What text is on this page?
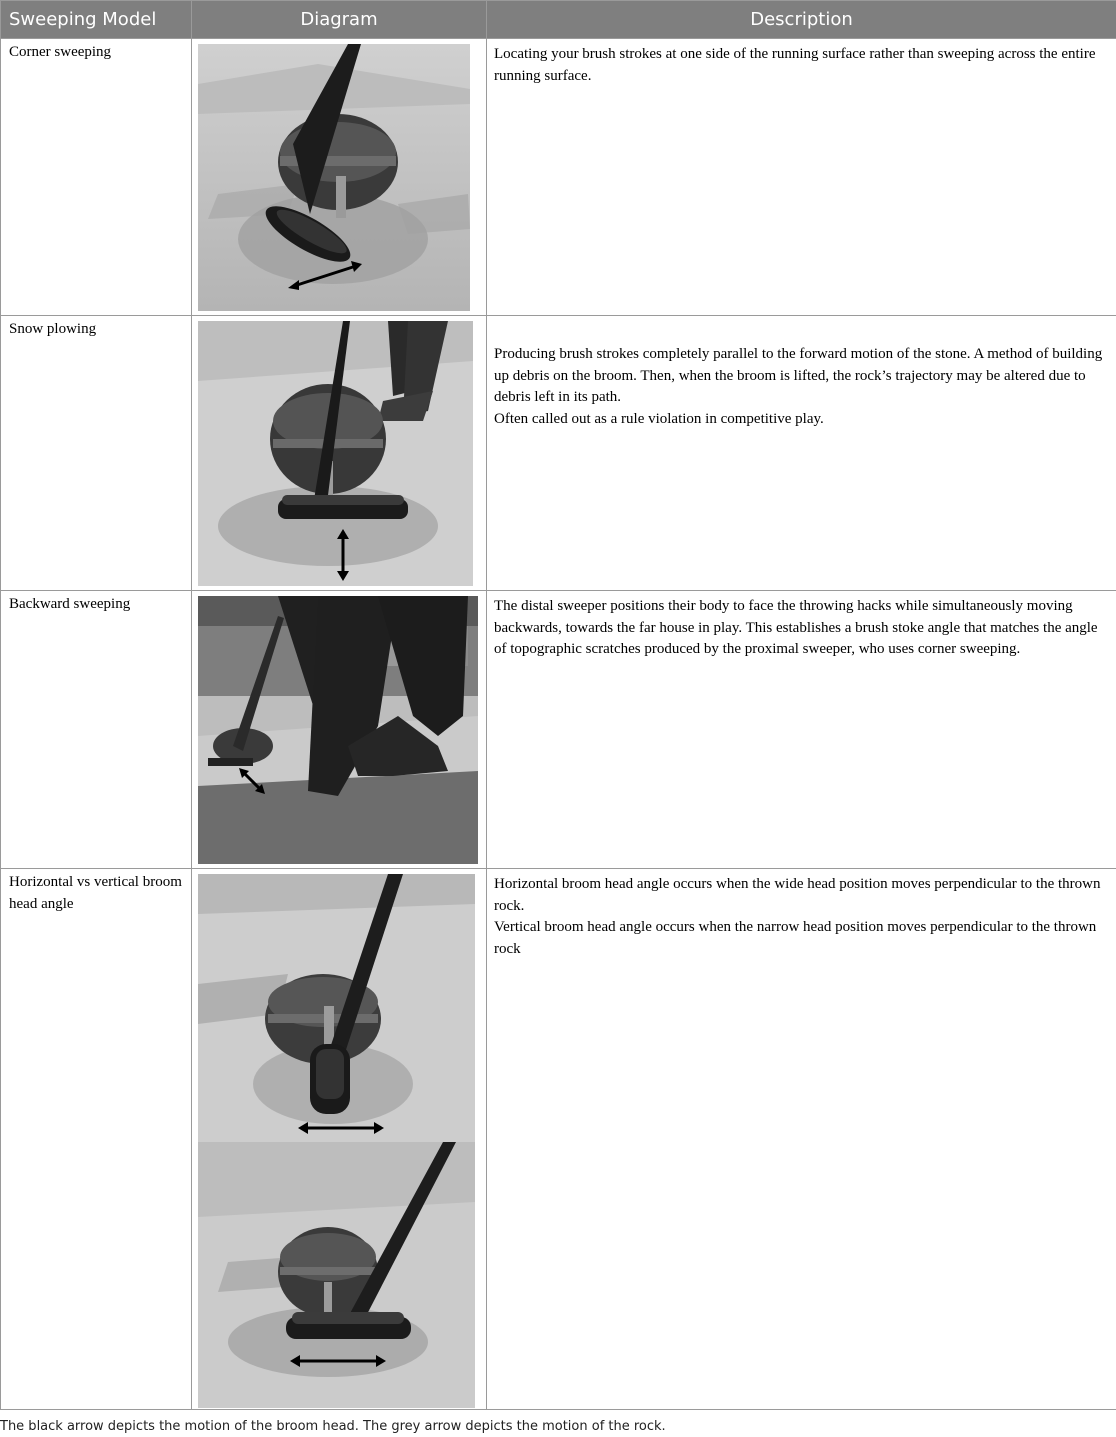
Sweeping Model	Diagram	Description
Corner sweeping		Locating your brush strokes at one side of the running surface rather than sweeping across the entire running surface.

Snow plowing		Producing brush strokes completely parallel to the forward motion of the stone. A method of building up debris on the broom. Then, when the broom is lifted, the rock’s trajectory may be altered due to debris left in its path.

Often called out as a rule violation in competitive play.

Backward sweeping		The distal sweeper positions their body to face the throwing hacks while simultaneously moving backwards, towards the far house in play. This establishes a brush stoke angle that matches the angle of topographic scratches produced by the proximal sweeper, who uses corner sweeping.

Horizontal vs vertical broom head angle		Horizontal broom head angle occurs when the wide head position moves perpendicular to the thrown rock.

Vertical broom head angle occurs when the narrow head position moves perpendicular to the thrown rock

The black arrow depicts the motion of the broom head. The grey arrow depicts the motion of the rock.
